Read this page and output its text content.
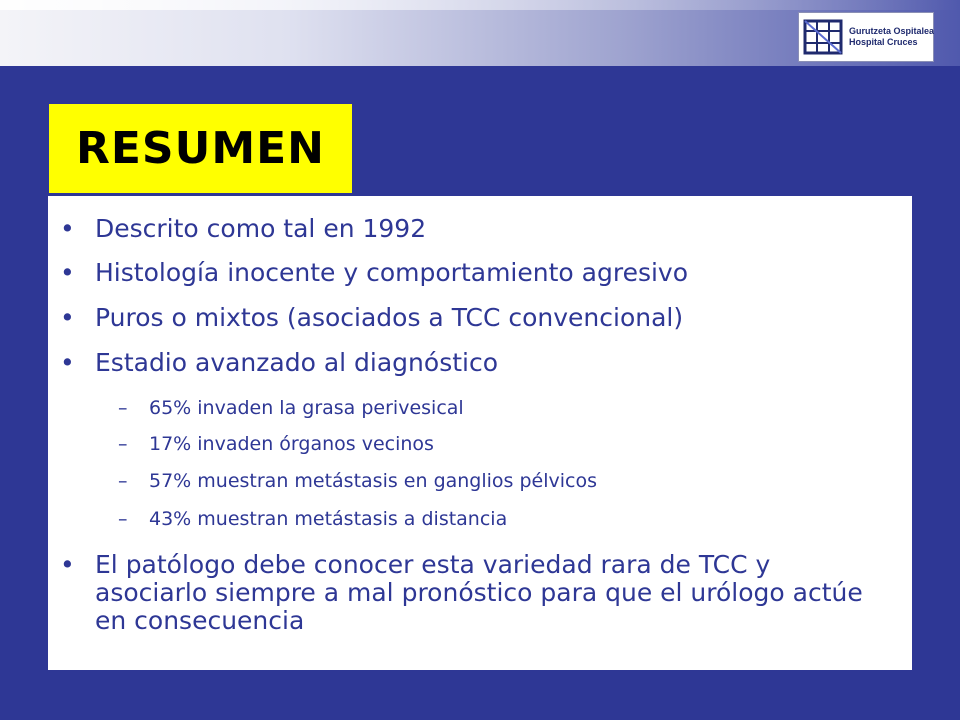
Gurutzeta Ospitalea
Hospital Cruces
RESUMEN
• Descrito como tal en 1992
• Histología inocente y comportamiento agresivo
• Puros o mixtos (asociados a TCC convencional)
• Estadio avanzado al diagnóstico
– 65% invaden la grasa perivesical
– 17% invaden órganos vecinos
– 57% muestran metástasis en ganglios pélvicos
– 43% muestran metástasis a distancia
• El patólogo debe conocer esta variedad rara de TCC y asociarlo siempre a mal pronóstico para que el urólogo actúe en consecuencia
